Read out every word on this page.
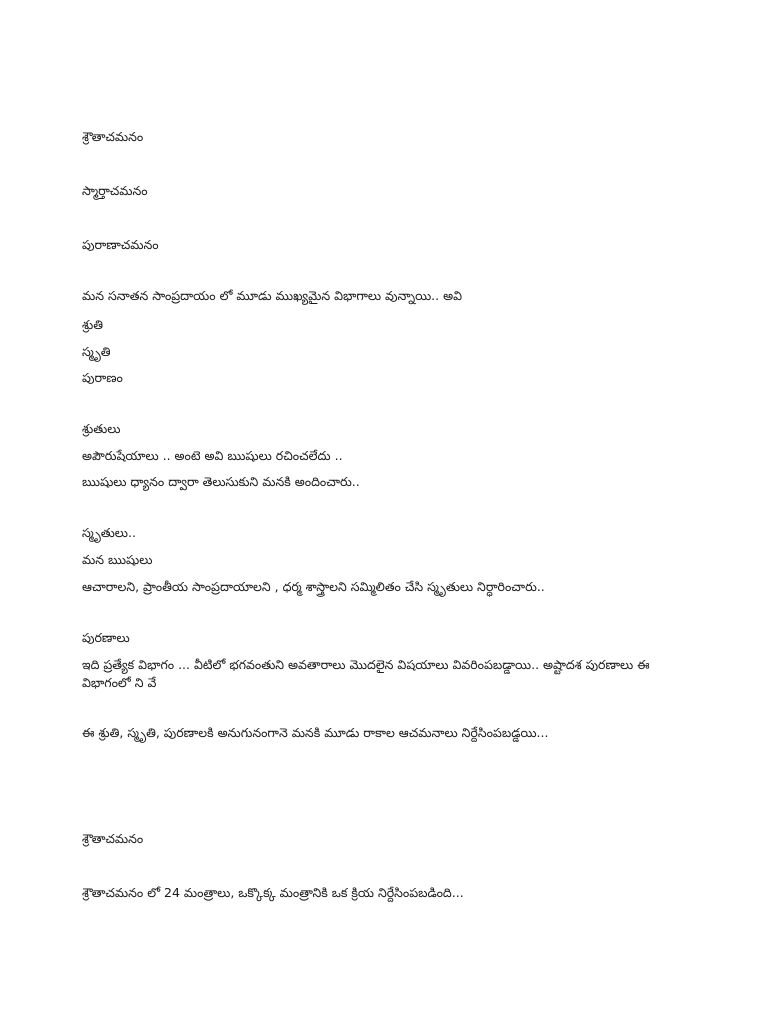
శ్రౌతాచమనం
స్మార్తాచమనం
పురాణాచమనం
మన సనాతన సాంప్రదాయం లో మూడు ముఖ్యమైన విభాగాలు వున్నాయి.. అవి
శ్రుతి
స్మృతి
పురాణం
శ్రుతులు
అపౌరుషేయాలు .. అంటె అవి ఋషులు రచించలేదు ..
ఋషులు ధ్యానం ద్వారా తెలుసుకుని మనకి అందించారు..
స్మృతులు..
మన ఋషులు
ఆచారాలని, ప్రాంతీయ సాంప్రదాయాలని , ధర్మ శాస్త్రాలని సమ్మిలితం చేసి స్మృతులు నిర్ధారించారు..
పురణాలు
ఇది ప్రత్యేక విభాగం ... వీటిలో భగవంతుని అవతారాలు మొదలైన విషయాలు వివరింపబడ్డాయి.. అష్టాదశ పురణాలు ఈ విభాగంలో ని వే
ఈ శ్రుతి, స్మృతి, పురణాలకి అనుగునంగానె మనకి మూడు రాకాల ఆచమనాలు నిర్దేసింపబడ్డయి...
శ్రౌతాచమనం
శ్రౌతాచమనం లో 24 మంత్రాలు, ఒక్కొక్క మంత్రానికి ఒక క్రియ నిర్దేసింపబడింది...
